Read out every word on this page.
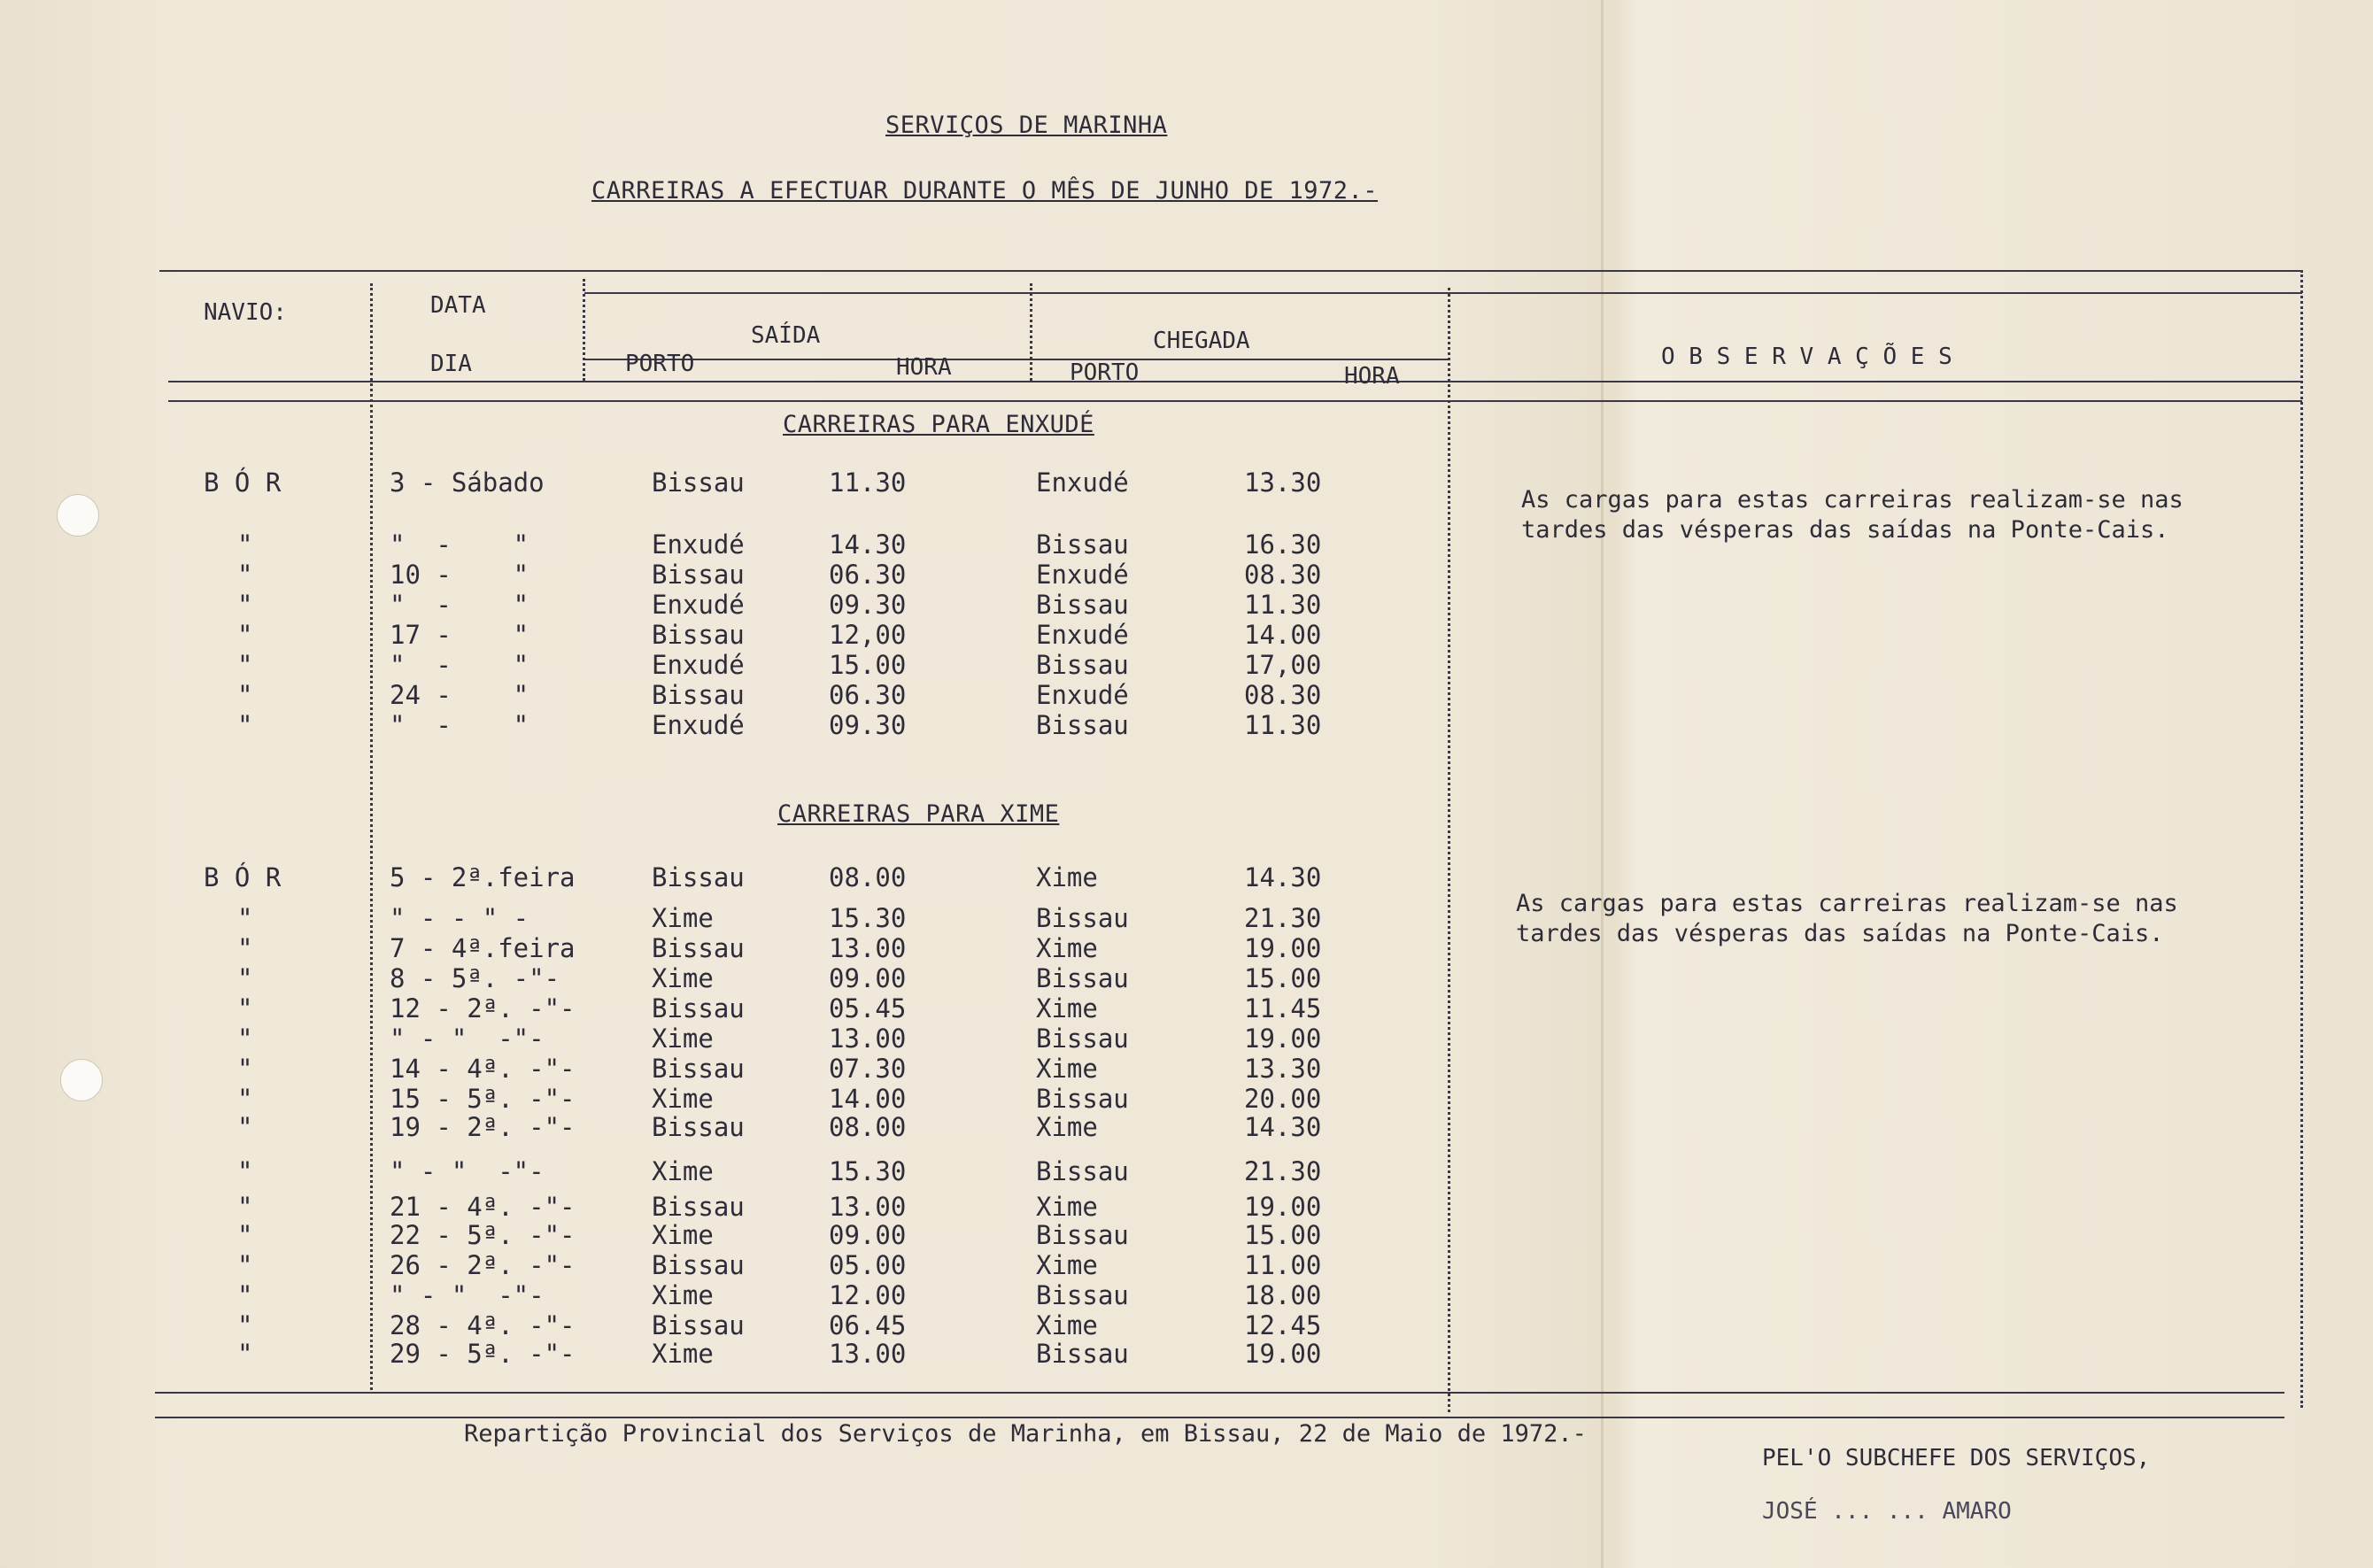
SERVIÇOS DE MARINHA
CARREIRAS A EFECTUAR DURANTE O MÊS DE JUNHO DE 1972.-
NAVIO:	DATA
DIA
SAÍDA	CHEGADA
PORTO	HORA	PORTO	HORA
O B S E R V A Ç Õ E S
CARREIRAS PARA ENXUDÉ
CARREIRAS PARA XIME
As cargas para estas carreiras realizam-se nas tardes das vésperas das saídas na Ponte-Cais.
As cargas para estas carreiras realizam-se nas tardes das vésperas das saídas na Ponte-Cais.
B Ó R	3 - Sábado	Bissau	11.30	Enxudé	13.30
"	"  -    "	Enxudé	14.30	Bissau	16.30
"	10 -    "	Bissau	06.30	Enxudé	08.30
"	"  -    "	Enxudé	09.30	Bissau	11.30
"	17 -    "	Bissau	12,00	Enxudé	14.00
"	"  -    "	Enxudé	15.00	Bissau	17,00
"	24 -    "	Bissau	06.30	Enxudé	08.30
"	"  -    "	Enxudé	09.30	Bissau	11.30
B Ó R	5 - 2ª.feira	Bissau	08.00	Xime	14.30
"	" - - " -	Xime	15.30	Bissau	21.30
"	7 - 4ª.feira	Bissau	13.00	Xime	19.00
"	8 - 5ª. -"-	Xime	09.00	Bissau	15.00
"	12 - 2ª. -"-	Bissau	05.45	Xime	11.45
"	" - "  -"-	Xime	13.00	Bissau	19.00
"	14 - 4ª. -"-	Bissau	07.30	Xime	13.30
"	15 - 5ª. -"-	Xime	14.00	Bissau	20.00
"	19 - 2ª. -"-	Bissau	08.00	Xime	14.30
"	" - "  -"-	Xime	15.30	Bissau	21.30
"	21 - 4ª. -"-	Bissau	13.00	Xime	19.00
"	22 - 5ª. -"-	Xime	09.00	Bissau	15.00
"	26 - 2ª. -"-	Bissau	05.00	Xime	11.00
"	" - "  -"-	Xime	12.00	Bissau	18.00
"	28 - 4ª. -"-	Bissau	06.45	Xime	12.45
"	29 - 5ª. -"-	Xime	13.00	Bissau	19.00
Repartição Provincial dos Serviços de Marinha, em Bissau, 22 de Maio de 1972.-
PEL'O SUBCHEFE DOS SERVIÇOS,
JOSÉ ... ... AMARO
